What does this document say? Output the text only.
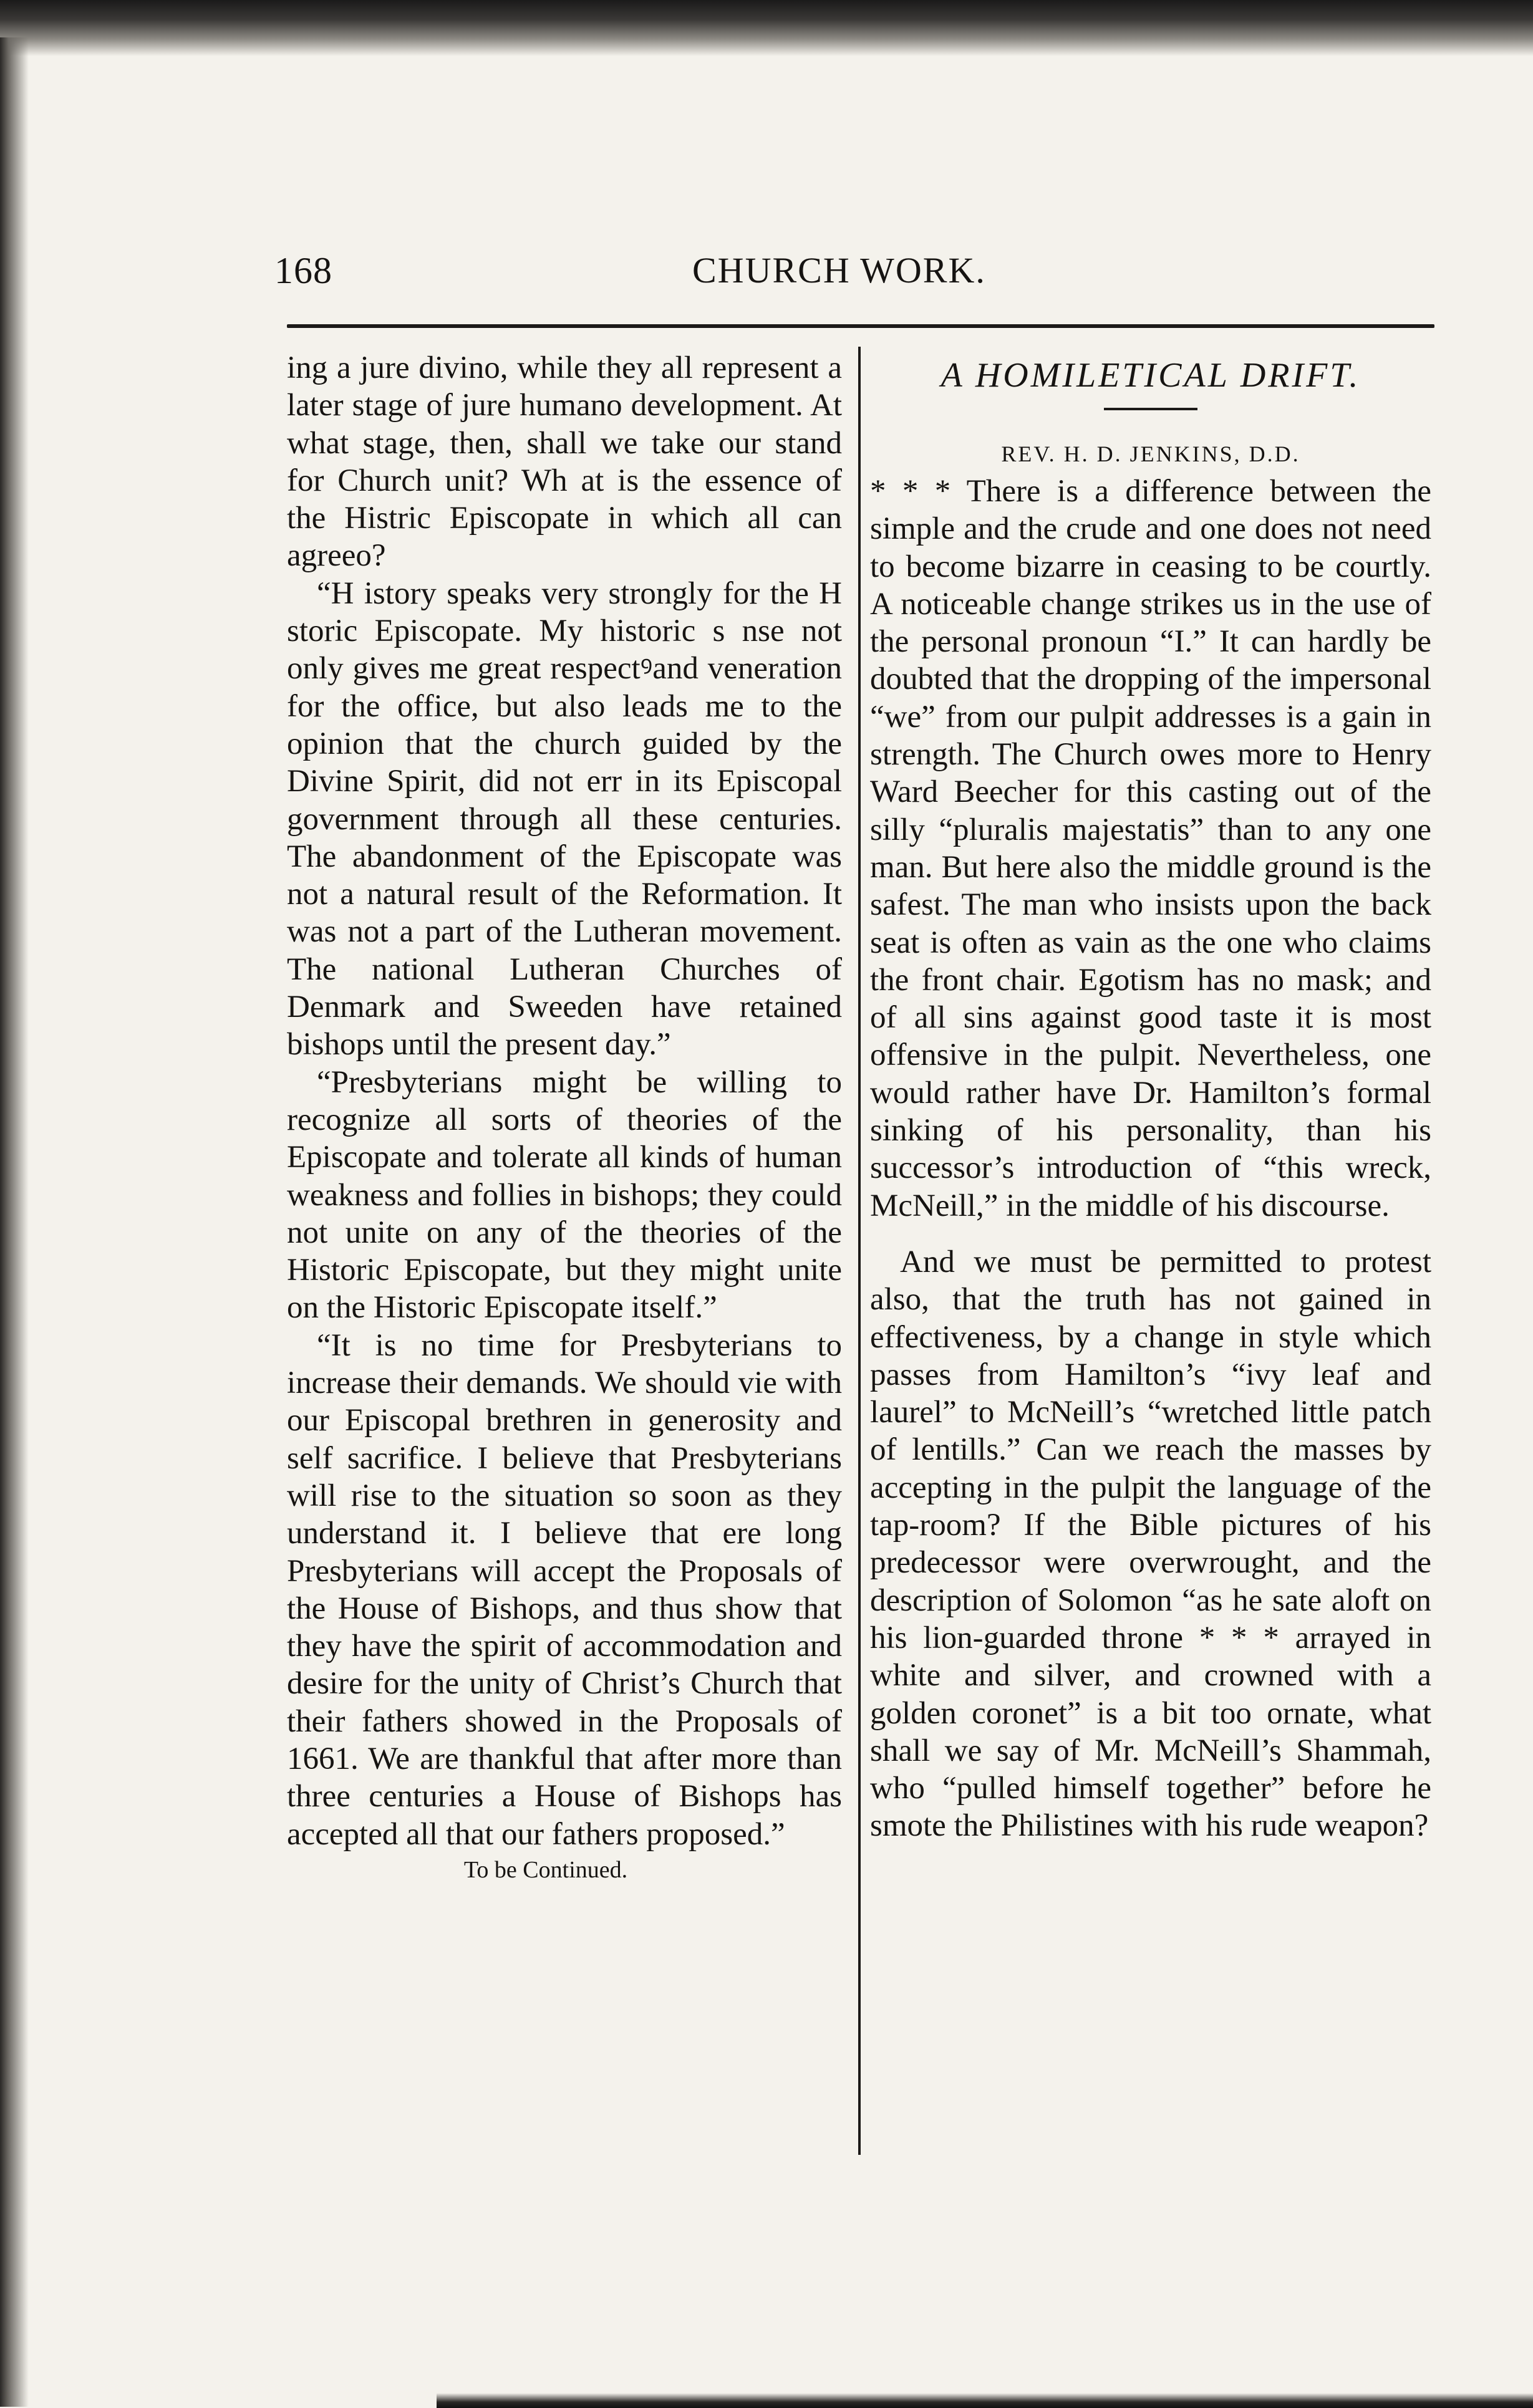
168	CHURCH WORK.

ing a jure divino, while they all represent a later stage of jure humano development. At what stage, then, shall we take our stand for Church unit? Wh at is the essence of the Histric Episcopate in which all can agreeo?

“H istory speaks very strongly for the H storic Episcopate. My historic s nse not only gives me great respectꝰand veneration for the office, but also leads me to the opinion that the church guided by the Divine Spirit, did not err in its Episcopal government through all these centuries. The abandonment of the Episcopate was not a natural result of the Reformation. It was not a part of the Lutheran movement. The national Lutheran Churches of Denmark and Sweeden have retained bishops until the present day.”

“Presbyterians might be willing to recognize all sorts of theories of the Episcopate and tolerate all kinds of human weakness and follies in bishops; they could not unite on any of the theories of the Historic Episcopate, but they might unite on the Historic Episcopate itself.”

“It is no time for Presbyterians to increase their demands. We should vie with our Episcopal brethren in generosity and self sacrifice. I believe that Presbyterians will rise to the situation so soon as they understand it. I believe that ere long Presbyterians will accept the Proposals of the House of Bishops, and thus show that they have the spirit of accommodation and desire for the unity of Christ’s Church that their fathers showed in the Proposals of 1661. We are thankful that after more than three centuries a House of Bishops has accepted all that our fathers proposed.”

To be Continued.

A HOMILETICAL DRIFT.

REV. H. D. JENKINS, D.D.

* * * There is a difference between the simple and the crude and one does not need to become bizarre in ceasing to be courtly. A noticeable change strikes us in the use of the personal pronoun “I.” It can hardly be doubted that the dropping of the impersonal “we” from our pulpit addresses is a gain in strength. The Church owes more to Henry Ward Beecher for this casting out of the silly “pluralis majestatis” than to any one man. But here also the middle ground is the safest. The man who insists upon the back seat is often as vain as the one who claims the front chair. Egotism has no mask; and of all sins against good taste it is most offensive in the pulpit. Nevertheless, one would rather have Dr. Hamilton’s formal sinking of his personality, than his successor’s introduction of “this wreck, McNeill,” in the middle of his discourse.

And we must be permitted to protest also, that the truth has not gained in effectiveness, by a change in style which passes from Hamilton’s “ivy leaf and laurel” to McNeill’s “wretched little patch of lentills.” Can we reach the masses by accepting in the pulpit the language of the tap-room? If the Bible pictures of his predecessor were overwrought, and the description of Solomon “as he sate aloft on his lion-guarded throne * * * arrayed in white and silver, and crowned with a golden coronet” is a bit too ornate, what shall we say of Mr. McNeill’s Shammah, who “pulled himself together” before he smote the Philistines with his rude weapon?
